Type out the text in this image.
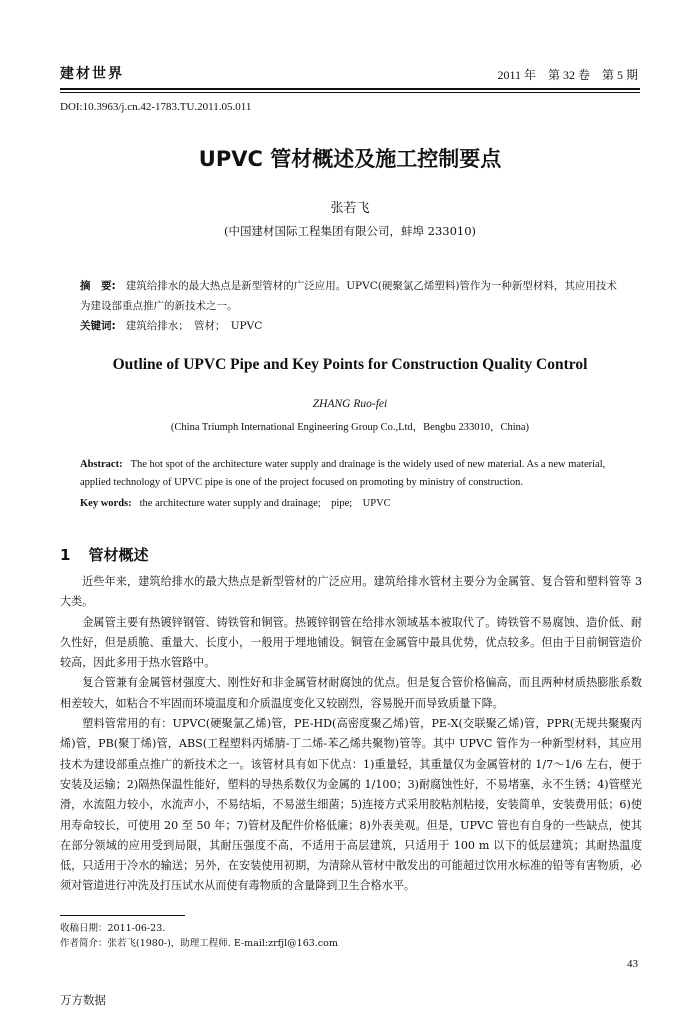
建材世界	2011 年　第 32 卷　第 5 期
DOI:10.3963/j.cn.42-1783.TU.2011.05.011
UPVC 管材概述及施工控制要点
张若飞
(中国建材国际工程集团有限公司，蚌埠 233010)
摘　要: 建筑给排水的最大热点是新型管材的广泛应用。UPVC(硬聚氯乙烯塑料)管作为一种新型材料，其应用技术为建设部重点推广的新技术之一。
关键词: 建筑给排水；　管材；　UPVC
Outline of UPVC Pipe and Key Points for Construction Quality Control
ZHANG Ruo-fei
(China Triumph International Engineering Group Co.,Ltd，Bengbu 233010，China)
Abstract: The hot spot of the architecture water supply and drainage is the widely used of new material. As a new material, applied technology of UPVC pipe is one of the project focused on promoting by ministry of construction.
Key words: the architecture water supply and drainage;　pipe;　UPVC
1 管材概述

近些年来，建筑给排水的最大热点是新型管材的广泛应用。建筑给排水管材主要分为金属管、复合管和塑料管等 3 大类。

金属管主要有热镀锌钢管、铸铁管和铜管。热镀锌钢管在给排水领域基本被取代了。铸铁管不易腐蚀、造价低、耐久性好，但是质脆、重量大、长度小，一般用于埋地铺设。铜管在金属管中最具优势，优点较多。但由于目前铜管造价较高，因此多用于热水管路中。

复合管兼有金属管材强度大、刚性好和非金属管材耐腐蚀的优点。但是复合管价格偏高，而且两种材质热膨胀系数相差较大，如粘合不牢固而环境温度和介质温度变化又较剧烈，容易脱开而导致质量下降。

塑料管常用的有：UPVC(硬聚氯乙烯)管，PE-HD(高密度聚乙烯)管，PE-X(交联聚乙烯)管，PPR(无规共聚聚丙烯)管，PB(聚丁烯)管，ABS(工程塑料丙烯腈-丁二烯-苯乙烯共聚物)管等。其中 UPVC 管作为一种新型材料，其应用技术为建设部重点推广的新技术之一。该管材具有如下优点：1)重量轻，其重量仅为金属管材的 1/7～1/6 左右，便于安装及运输；2)隔热保温性能好，塑料的导热系数仅为金属的 1/100；3)耐腐蚀性好，不易堵塞，永不生锈；4)管壁光滑，水流阻力较小，水流声小，不易结垢，不易滋生细菌；5)连接方式采用胶粘剂粘接，安装简单，安装费用低；6)使用寿命较长，可使用 20 至 50 年；7)管材及配件价格低廉；8)外表美观。但是，UPVC 管也有自身的一些缺点，使其在部分领域的应用受到局限，其耐压强度不高，不适用于高层建筑，只适用于 100 m 以下的低层建筑；其耐热温度低，只适用于冷水的输送；另外，在安装使用初期，为清除从管材中散发出的可能超过饮用水标准的铅等有害物质，必须对管道进行冲洗及打压试水从而使有毒物质的含量降到卫生合格水平。

收稿日期：2011-06-23.
作者简介：张若飞(1980-)，助理工程师. E-mail:zrfjl@163.com
43
万方数据
